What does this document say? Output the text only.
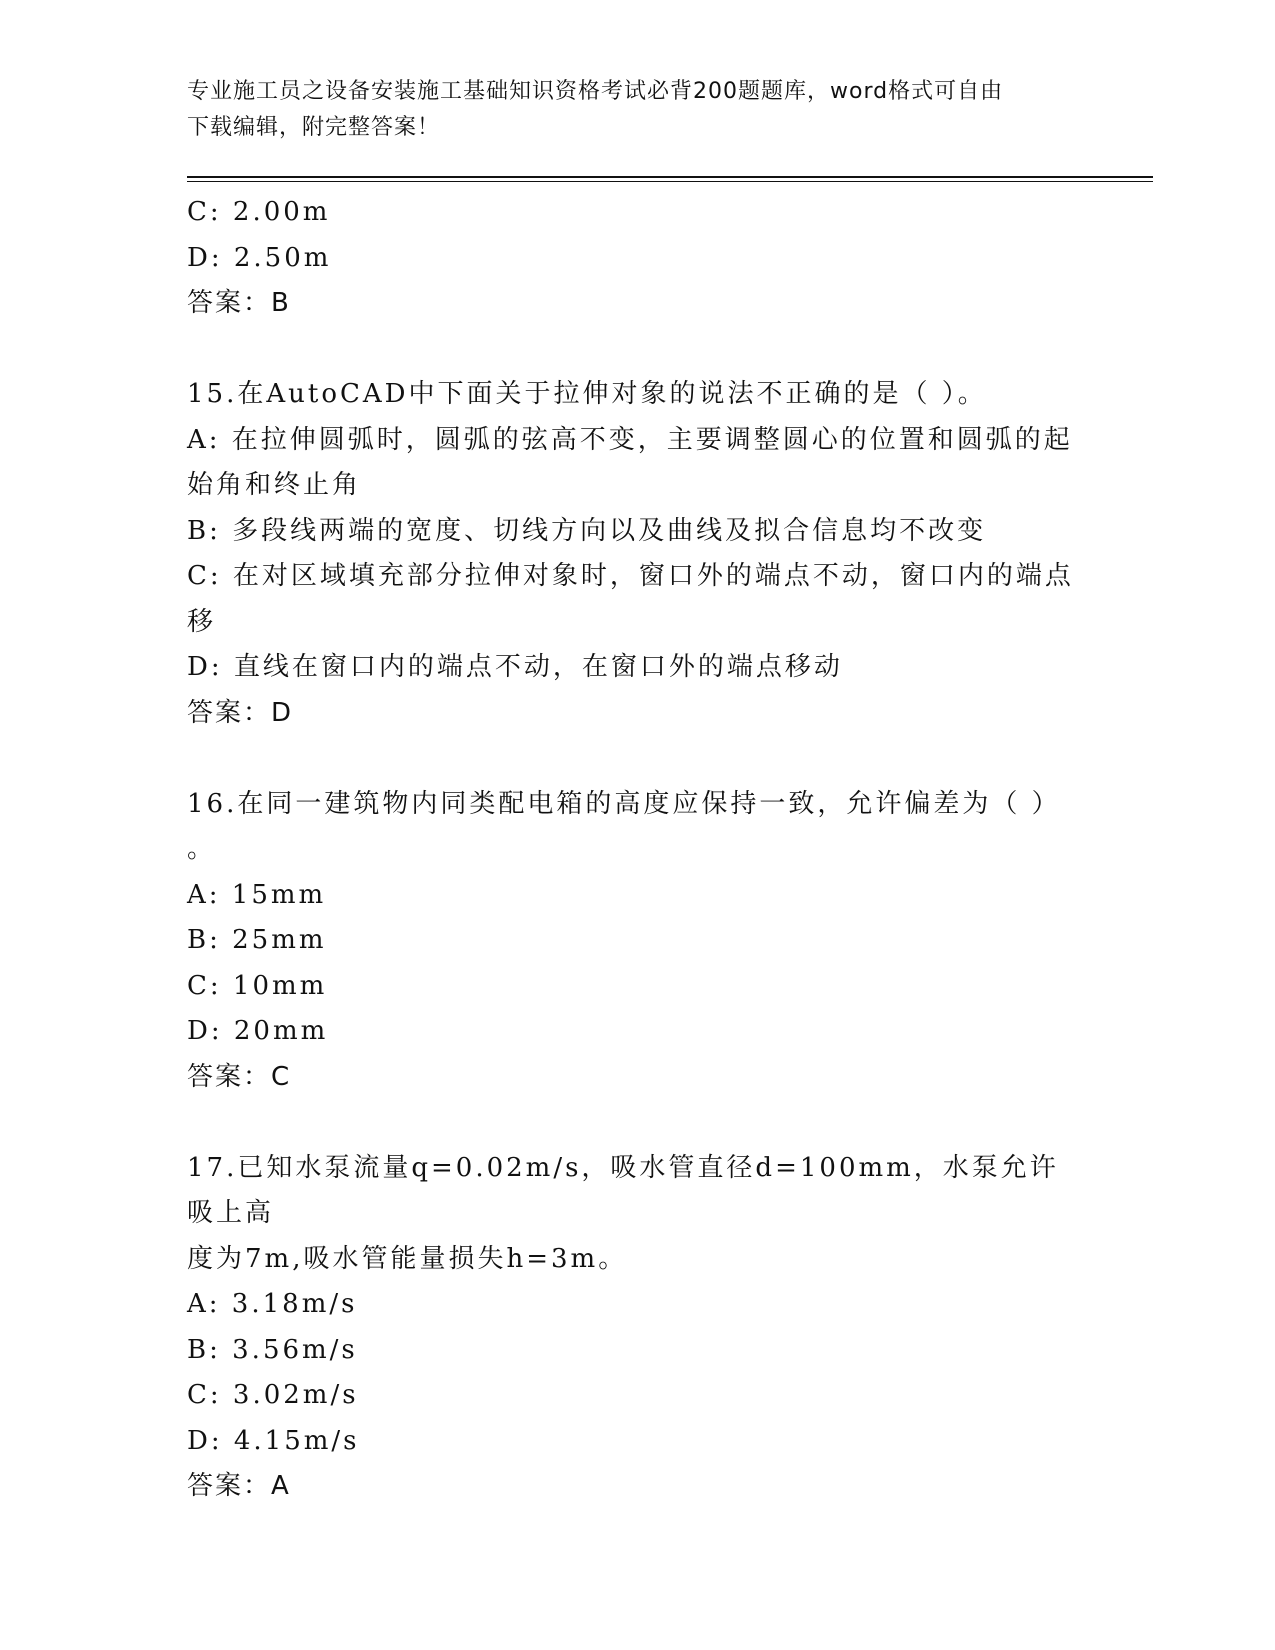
专业施工员之设备安装施工基础知识资格考试必背200题题库，word格式可自由
下载编辑，附完整答案！
C: 2.00m
D: 2.50m
答案：B
15.在AutoCAD中下面关于拉伸对象的说法不正确的是（ ）。
A: 在拉伸圆弧时，圆弧的弦高不变，主要调整圆心的位置和圆弧的起
始角和终止角
B: 多段线两端的宽度、切线方向以及曲线及拟合信息均不改变
C: 在对区域填充部分拉伸对象时，窗口外的端点不动，窗口内的端点
移
D: 直线在窗口内的端点不动，在窗口外的端点移动
答案：D
16.在同一建筑物内同类配电箱的高度应保持一致，允许偏差为（ ）
。
A: 15mm
B: 25mm
C: 10mm
D: 20mm
答案：C
17.已知水泵流量q=0.02m/s，吸水管直径d=100mm，水泵允许吸上高
度为7m,吸水管能量损失h=3m。
A: 3.18m/s
B: 3.56m/s
C: 3.02m/s
D: 4.15m/s
答案：A
